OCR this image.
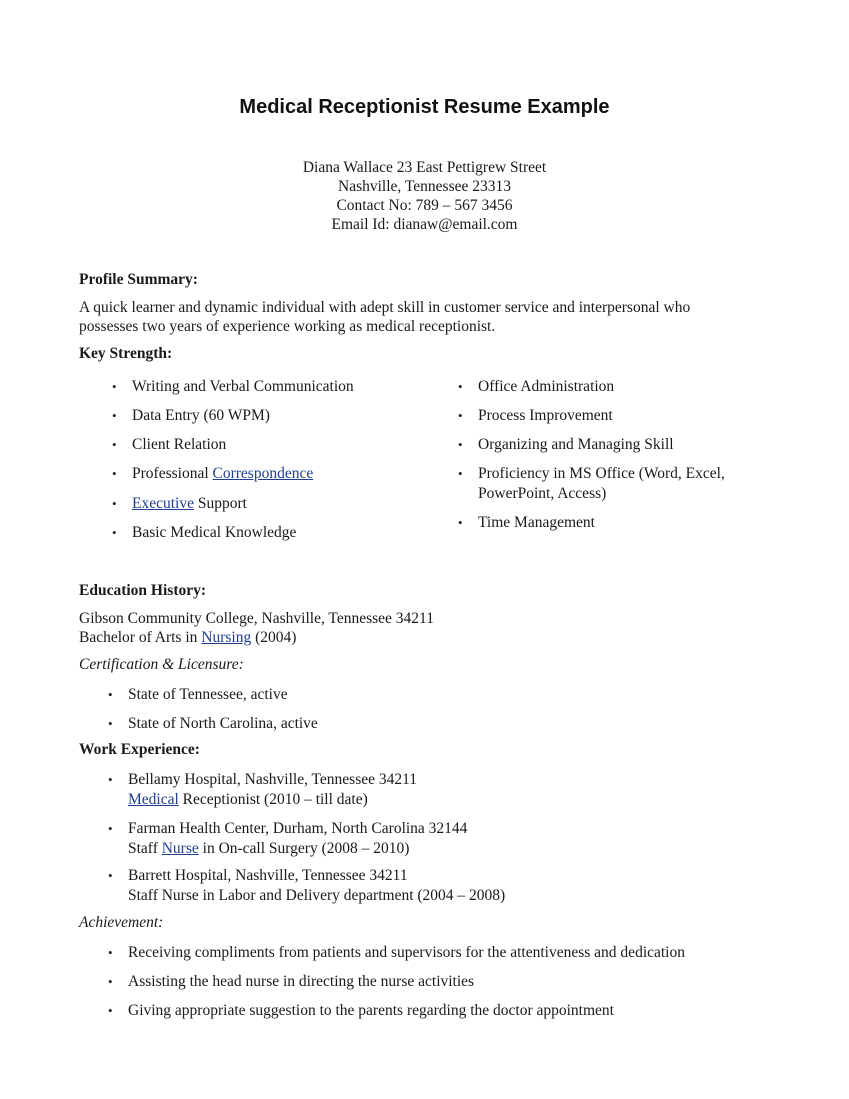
Medical Receptionist Resume Example
Diana Wallace 23 East Pettigrew Street
Nashville, Tennessee 23313
Contact No: 789 – 567 3456
Email Id: dianaw@email.com
Profile Summary:
A quick learner and dynamic individual with adept skill in customer service and interpersonal who
possesses two years of experience working as medical receptionist.
Key Strength:
• Writing and Verbal Communication
• Data Entry (60 WPM)
• Client Relation
• Professional Correspondence
• Executive Support
• Basic Medical Knowledge
• Office Administration
• Process Improvement
• Organizing and Managing Skill
• Proficiency in MS Office (Word, Excel,
PowerPoint, Access)
• Time Management
Education History:
Gibson Community College, Nashville, Tennessee 34211
Bachelor of Arts in Nursing (2004)
Certification & Licensure:
• State of Tennessee, active
• State of North Carolina, active
Work Experience:
• Bellamy Hospital, Nashville, Tennessee 34211
Medical Receptionist (2010 – till date)
• Farman Health Center, Durham, North Carolina 32144
Staff Nurse in On-call Surgery (2008 – 2010)
• Barrett Hospital, Nashville, Tennessee 34211
Staff Nurse in Labor and Delivery department (2004 – 2008)
Achievement:
• Receiving compliments from patients and supervisors for the attentiveness and dedication
• Assisting the head nurse in directing the nurse activities
• Giving appropriate suggestion to the parents regarding the doctor appointment
